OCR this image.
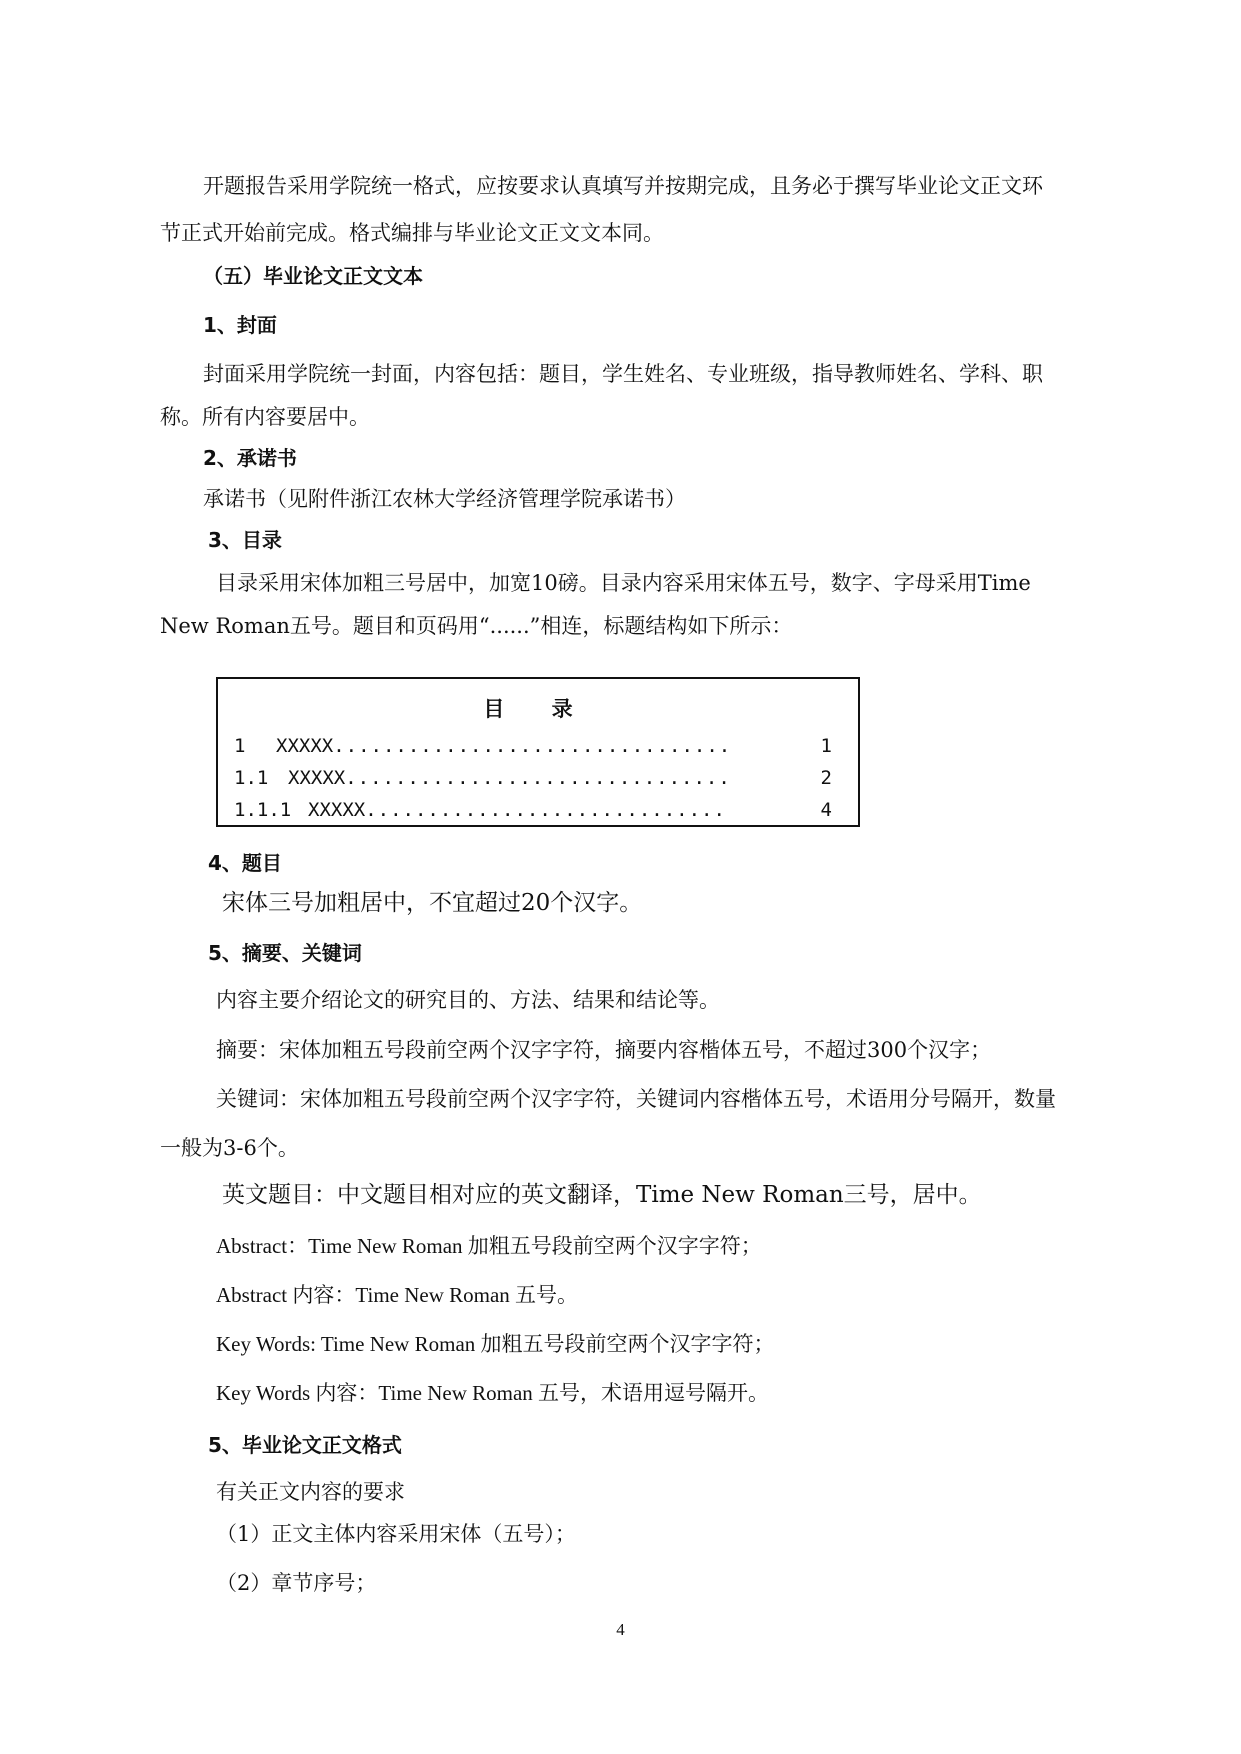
开题报告采用学院统一格式，应按要求认真填写并按期完成，且务必于撰写毕业论文正文环
节正式开始前完成。格式编排与毕业论文正文文本同。
（五）毕业论文正文文本
1、封面
封面采用学院统一封面，内容包括：题目，学生姓名、专业班级，指导教师姓名、学科、职
称。所有内容要居中。
2、承诺书
承诺书（见附件浙江农林大学经济管理学院承诺书）
3、目录
目录采用宋体加粗三号居中，加宽10磅。目录内容采用宋体五号，数字、字母采用Time
New Roman五号。题目和页码用“......”相连，标题结构如下所示：
目 录
1	XXXXX ................................	1
1.1	XXXXX ...............................	2
1.1.1 XXXXX .............................	4
4、题目
宋体三号加粗居中，不宜超过20个汉字。
5、摘要、关键词
内容主要介绍论文的研究目的、方法、结果和结论等。
摘要：宋体加粗五号段前空两个汉字字符，摘要内容楷体五号，不超过300个汉字；
关键词：宋体加粗五号段前空两个汉字字符，关键词内容楷体五号，术语用分号隔开，数量
一般为3-6个。
英文题目：中文题目相对应的英文翻译，Time New Roman三号，居中。
Abstract：Time New Roman 加粗五号段前空两个汉字字符；
Abstract 内容：Time New Roman 五号。
Key Words: Time New Roman 加粗五号段前空两个汉字字符；
Key Words 内容：Time New Roman 五号，术语用逗号隔开。
5、毕业论文正文格式
有关正文内容的要求
（1）正文主体内容采用宋体（五号）；
（2）章节序号；
4
